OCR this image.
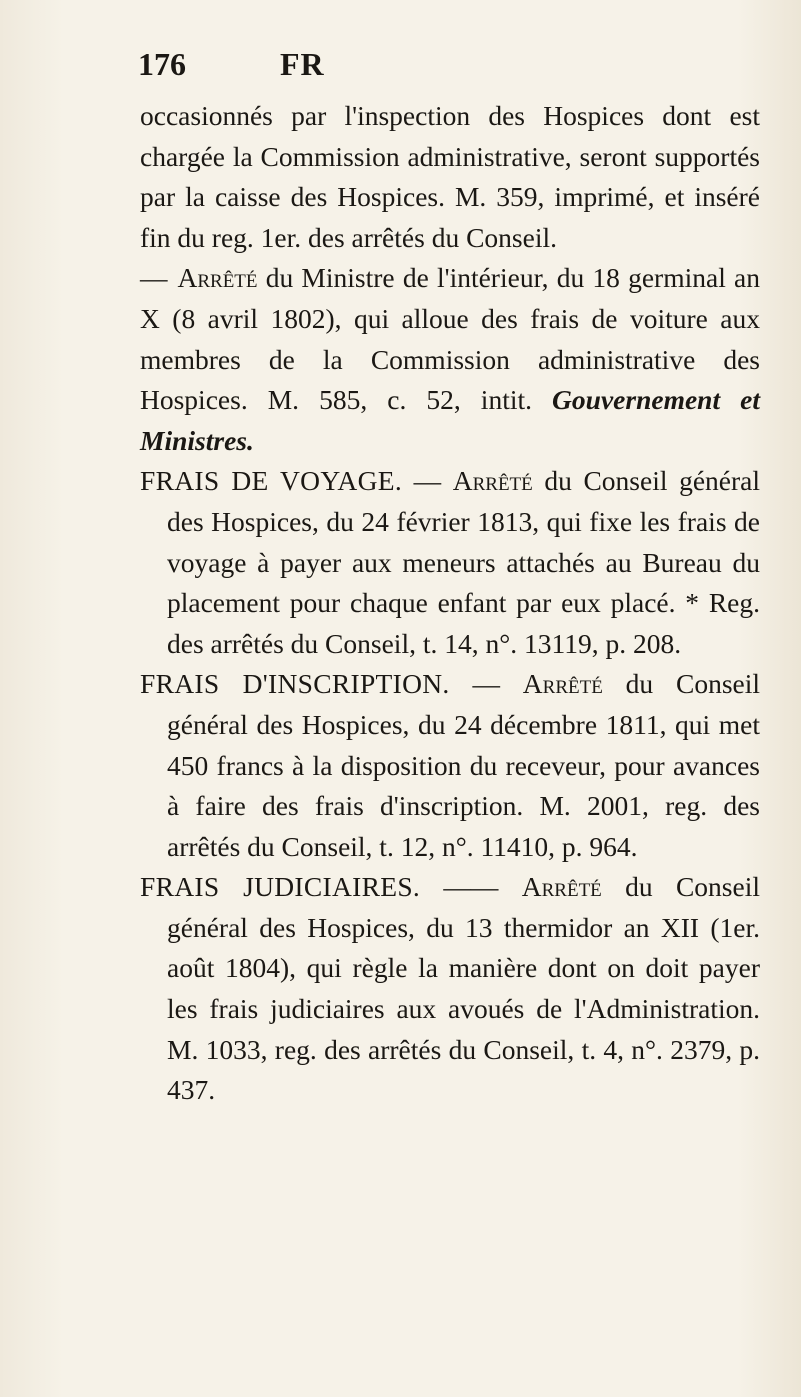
176	FR

occasionnés par l'inspection des Hospices dont est chargée la Commission administrative, seront supportés par la caisse des Hospices. M. 359, imprimé, et inséré fin du reg. 1er. des arrêtés du Conseil.

— Arrêté du Ministre de l'intérieur, du 18 germinal an X (8 avril 1802), qui alloue des frais de voiture aux membres de la Commission administrative des Hospices. M. 585, c. 52, intit. Gouvernement et Ministres.

FRAIS DE VOYAGE. — Arrêté du Conseil général des Hospices, du 24 février 1813, qui fixe les frais de voyage à payer aux meneurs attachés au Bureau du placement pour chaque enfant par eux placé. * Reg. des arrêtés du Conseil, t. 14, n°. 13119, p. 208.

FRAIS D'INSCRIPTION. — Arrêté du Conseil général des Hospices, du 24 décembre 1811, qui met 450 francs à la disposition du receveur, pour avances à faire des frais d'inscription. M. 2001, reg. des arrêtés du Conseil, t. 12, n°. 11410, p. 964.

FRAIS JUDICIAIRES. —— Arrêté du Conseil général des Hospices, du 13 thermidor an XII (1er. août 1804), qui règle la manière dont on doit payer les frais judiciaires aux avoués de l'Administration. M. 1033, reg. des arrêtés du Conseil, t. 4, n°. 2379, p. 437.
